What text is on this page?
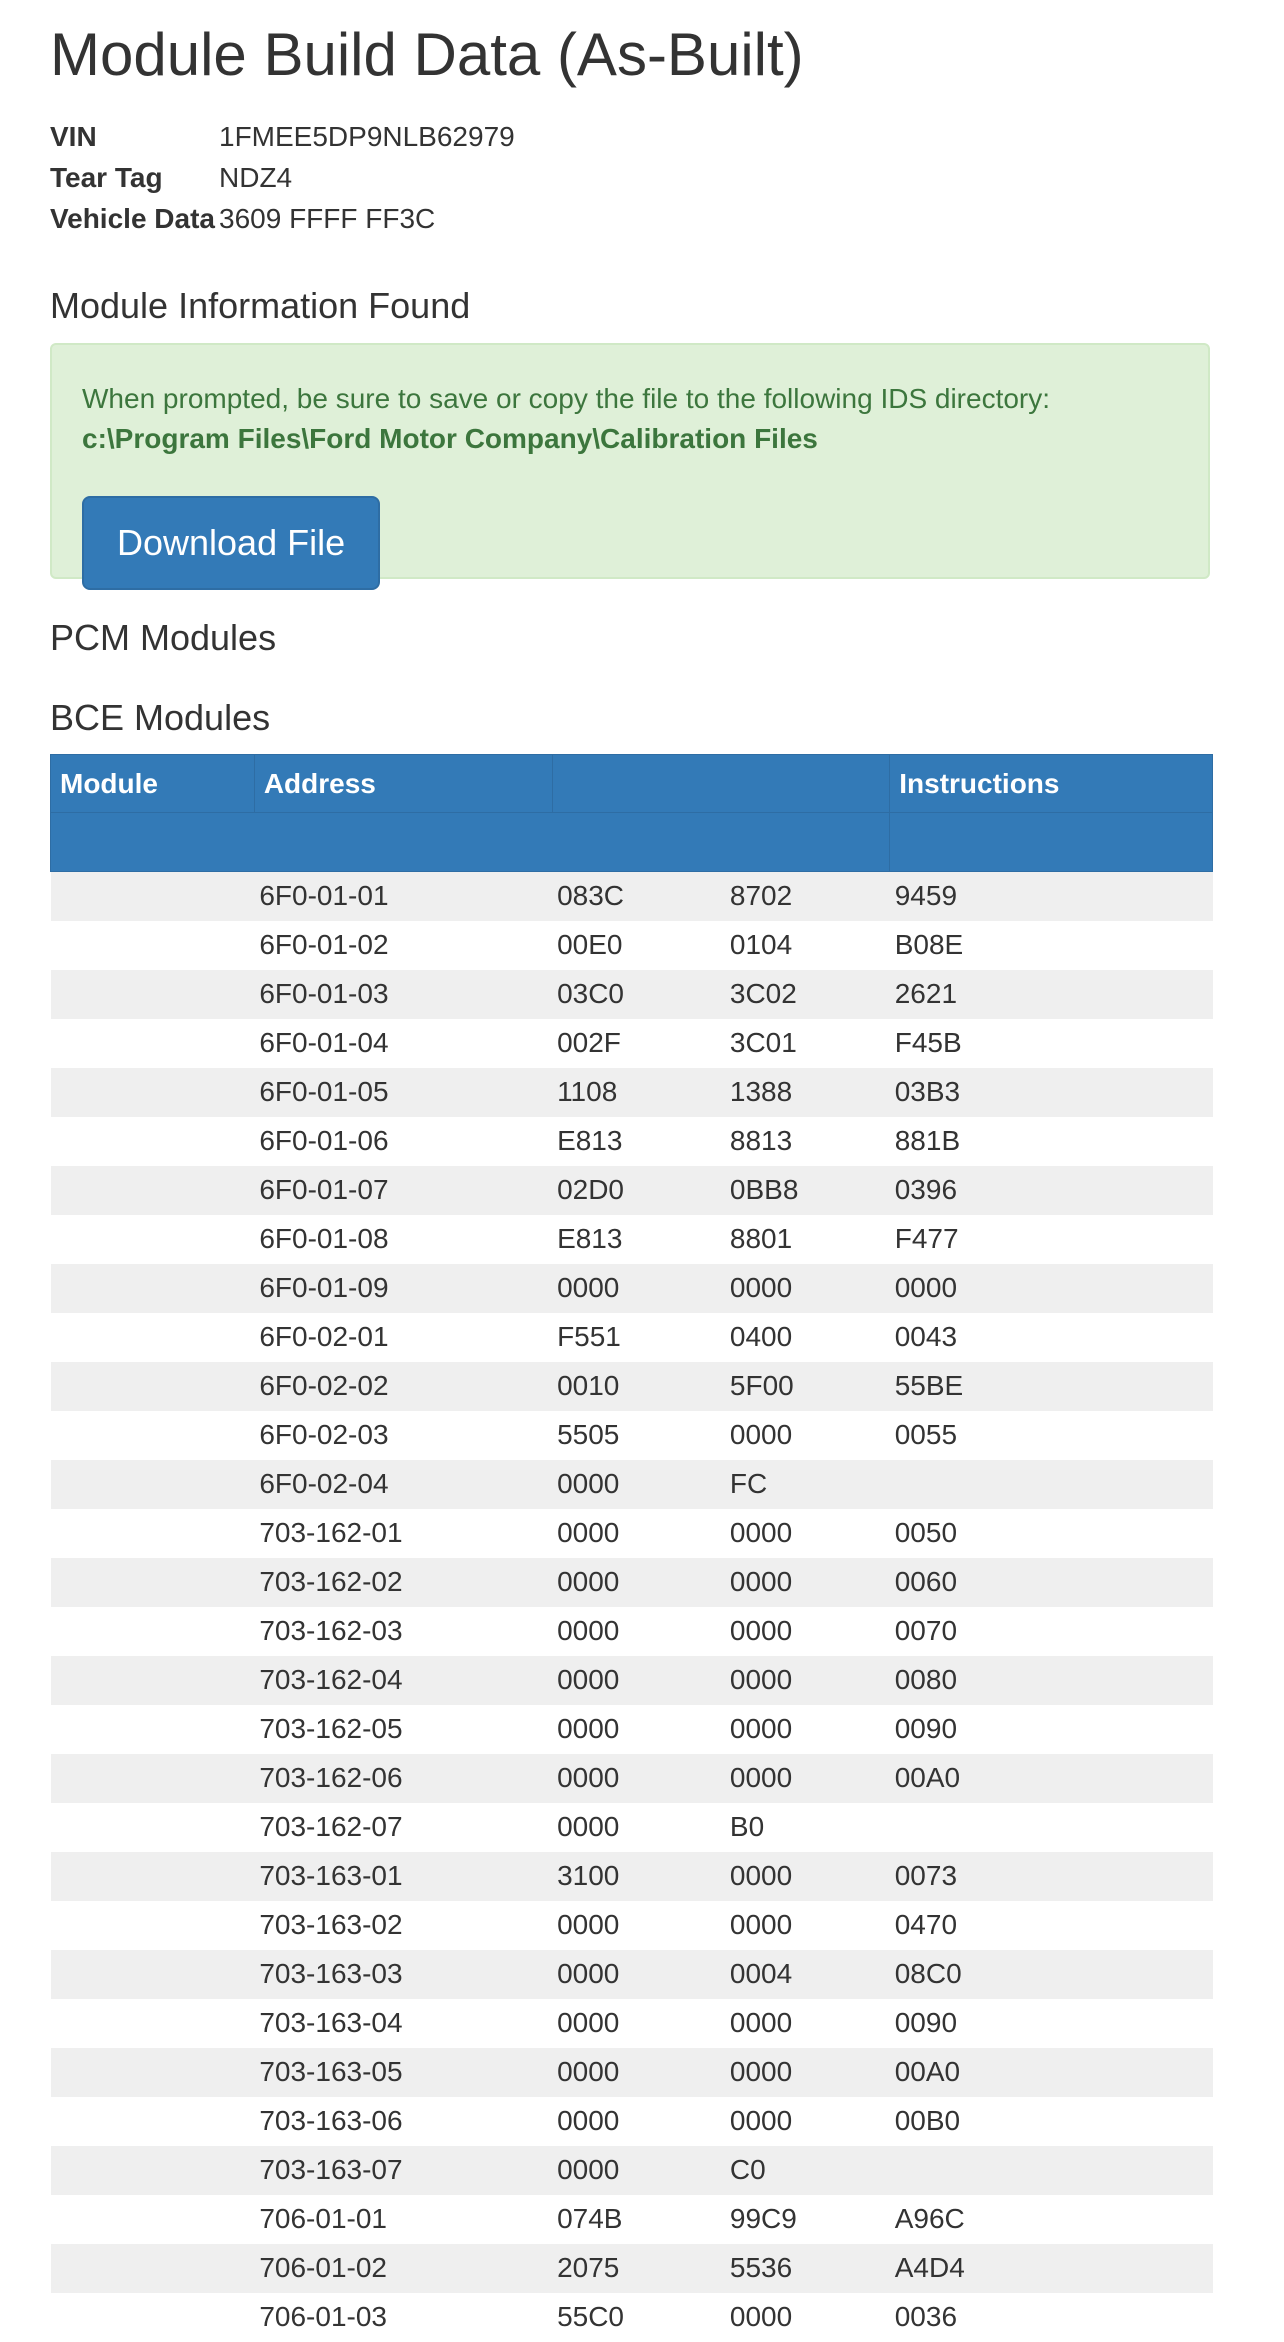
Module Build Data (As-Built)
VIN	1FMEE5DP9NLB62979
Tear Tag	NDZ4
Vehicle Data 3609 FFFF FF3C
Module Information Found
When prompted, be sure to save or copy the file to the following IDS directory:
c:\Program Files\Ford Motor Company\Calibration Files
Download File
PCM Modules
BCE Modules
Module	Address			Instructions

	6F0-01-01	083C	8702	9459
	6F0-01-02	00E0	0104	B08E
	6F0-01-03	03C0	3C02	2621
	6F0-01-04	002F	3C01	F45B
	6F0-01-05	1108	1388	03B3
	6F0-01-06	E813	8813	881B
	6F0-01-07	02D0	0BB8	0396
	6F0-01-08	E813	8801	F477
	6F0-01-09	0000	0000	0000
	6F0-02-01	F551	0400	0043
	6F0-02-02	0010	5F00	55BE
	6F0-02-03	5505	0000	0055
	6F0-02-04	0000	FC	
	703-162-01	0000	0000	0050
	703-162-02	0000	0000	0060
	703-162-03	0000	0000	0070
	703-162-04	0000	0000	0080
	703-162-05	0000	0000	0090
	703-162-06	0000	0000	00A0
	703-162-07	0000	B0	
	703-163-01	3100	0000	0073
	703-163-02	0000	0000	0470
	703-163-03	0000	0004	08C0
	703-163-04	0000	0000	0090
	703-163-05	0000	0000	00A0
	703-163-06	0000	0000	00B0
	703-163-07	0000	C0	
	706-01-01	074B	99C9	A96C
	706-01-02	2075	5536	A4D4
	706-01-03	55C0	0000	0036
